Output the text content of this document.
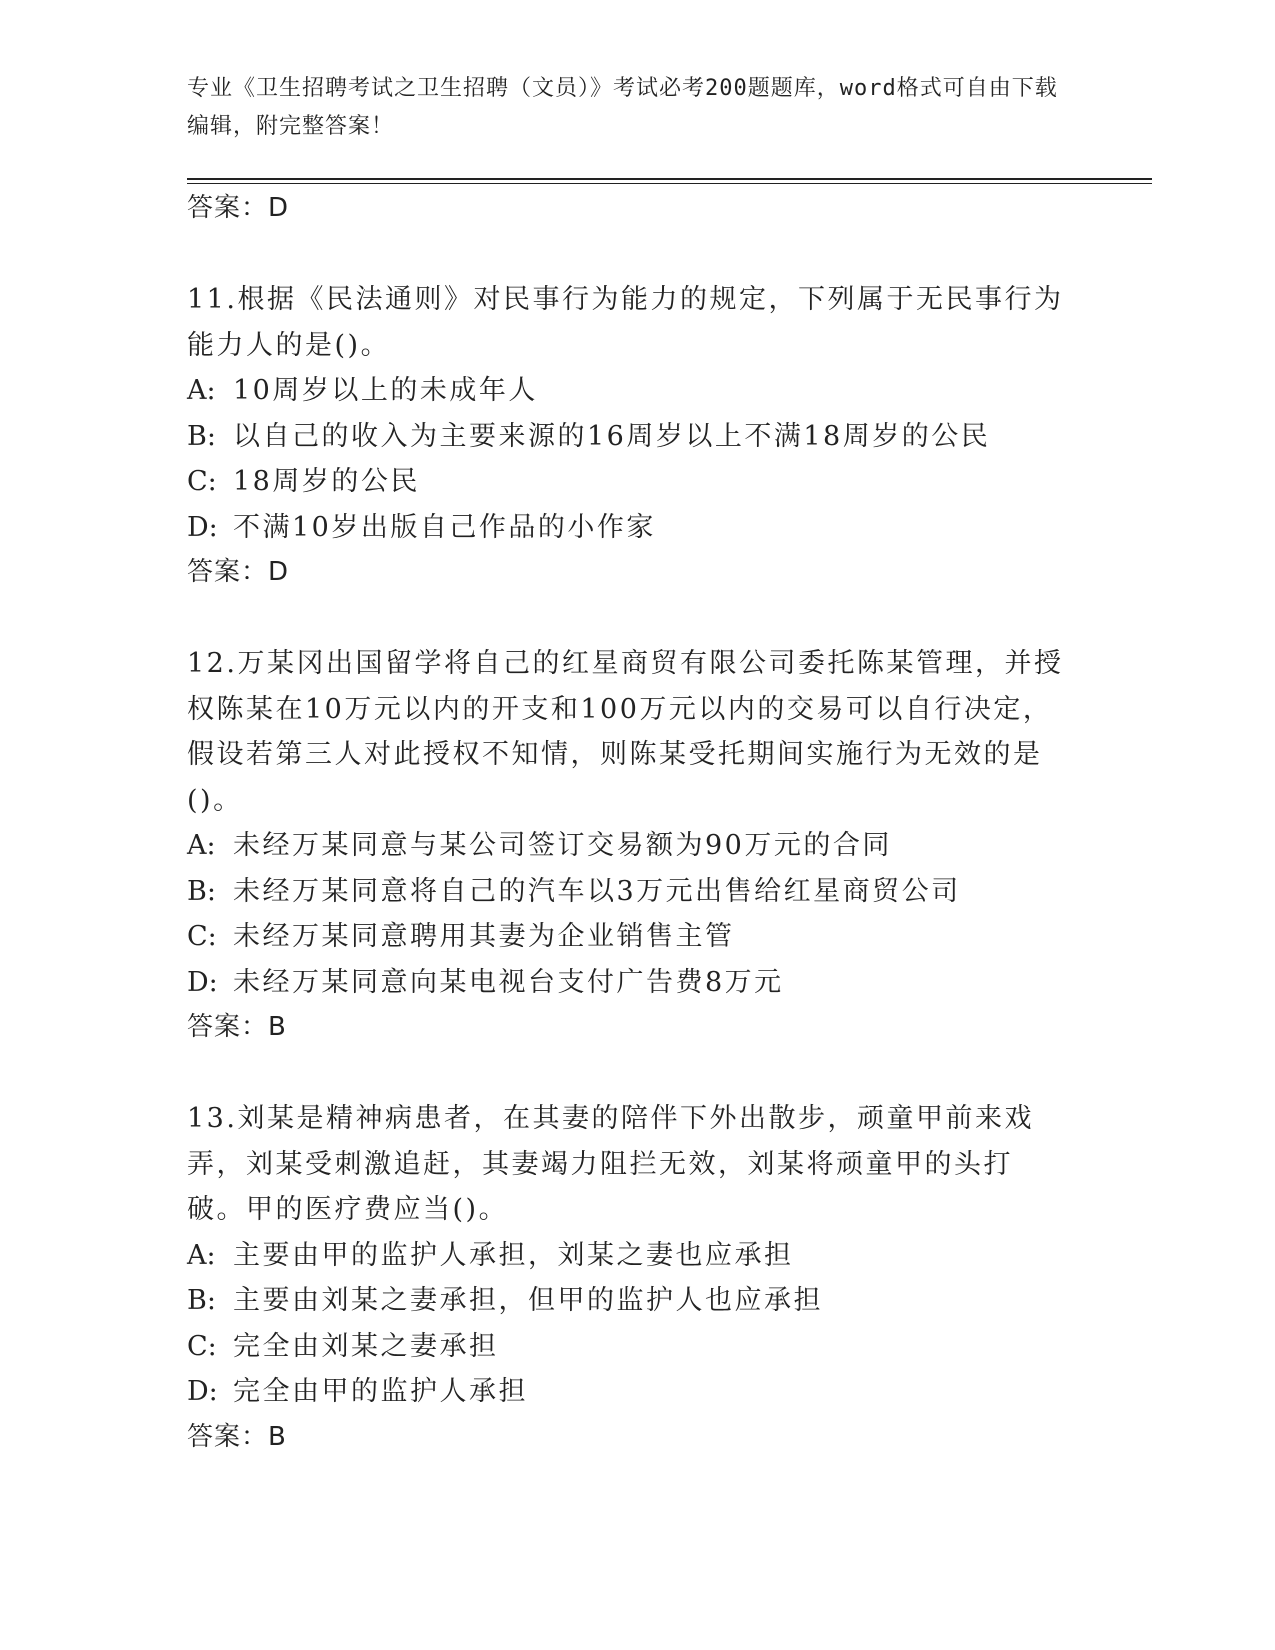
专业《卫生招聘考试之卫生招聘（文员）》考试必考200题题库，word格式可自由下载编辑，附完整答案！
答案：D
11.根据《民法通则》对民事行为能力的规定，下列属于无民事行为能力人的是()。
A: 10周岁以上的未成年人
B: 以自己的收入为主要来源的16周岁以上不满18周岁的公民
C: 18周岁的公民
D: 不满10岁出版自己作品的小作家
答案：D
12.万某冈出国留学将自己的红星商贸有限公司委托陈某管理，并授权陈某在10万元以内的开支和100万元以内的交易可以自行决定，假设若第三人对此授权不知情，则陈某受托期间实施行为无效的是()。
A: 未经万某同意与某公司签订交易额为90万元的合同
B: 未经万某同意将自己的汽车以3万元出售给红星商贸公司
C: 未经万某同意聘用其妻为企业销售主管
D: 未经万某同意向某电视台支付广告费8万元
答案：B
13.刘某是精神病患者，在其妻的陪伴下外出散步，顽童甲前来戏弄，刘某受刺激追赶，其妻竭力阻拦无效，刘某将顽童甲的头打破。甲的医疗费应当()。
A: 主要由甲的监护人承担，刘某之妻也应承担
B: 主要由刘某之妻承担，但甲的监护人也应承担
C: 完全由刘某之妻承担
D: 完全由甲的监护人承担
答案：B
